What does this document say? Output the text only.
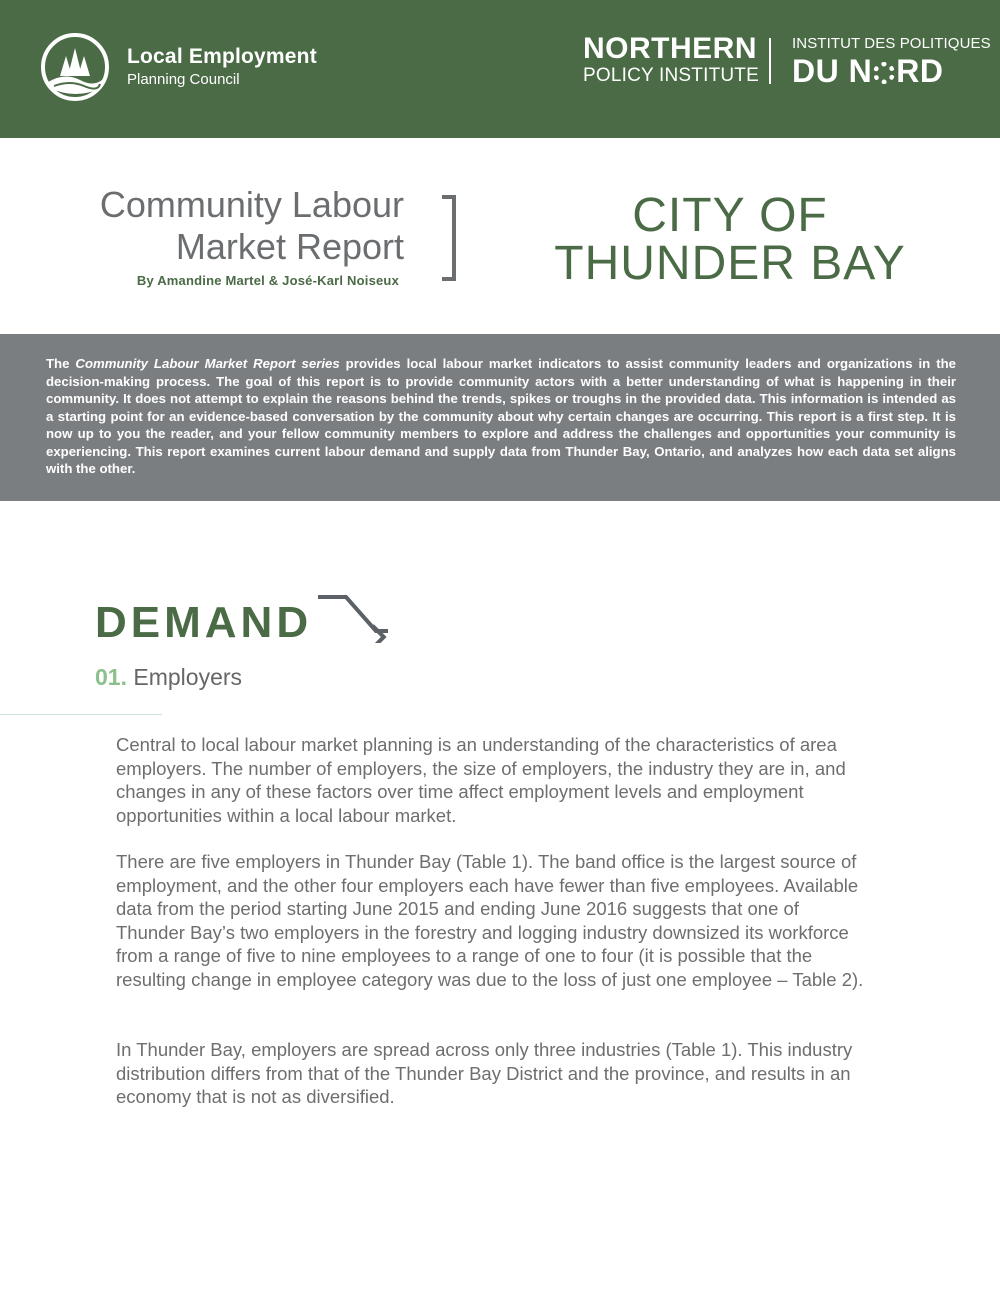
Local Employment
Planning Council
NORTHERN
POLICY INSTITUTE
INSTITUT DES POLITIQUES
DU N RD
Community Labour
Market Report

By Amandine Martel & José-Karl Noiseux

CITY OF
THUNDER BAY

The Community Labour Market Report series provides local labour market indicators to assist community leaders and organizations in the decision-making process. The goal of this report is to provide community actors with a better understanding of what is happening in their community. It does not attempt to explain the reasons behind the trends, spikes or troughs in the provided data. This information is intended as a starting point for an evidence-based conversation by the community about why certain changes are occurring. This report is a first step. It is now up to you the reader, and your fellow community members to explore and address the challenges and opportunities your community is experiencing. This report examines current labour demand and supply data from Thunder Bay, Ontario, and analyzes how each data set aligns with the other.

DEMAND
01. Employers

Central to local labour market planning is an understanding of the characteristics of area employers. The number of employers, the size of employers, the industry they are in, and changes in any of these factors over time affect employment levels and employment opportunities within a local labour market.

There are five employers in Thunder Bay (Table 1). The band office is the largest source of employment, and the other four employers each have fewer than five employees. Available data from the period starting June 2015 and ending June 2016 suggests that one of Thunder Bay’s two employers in the forestry and logging industry downsized its workforce from a range of five to nine employees to a range of one to four (it is possible that the resulting change in employee category was due to the loss of just one employee – Table 2).

In Thunder Bay, employers are spread across only three industries (Table 1). This industry distribution differs from that of the Thunder Bay District and the province, and results in an economy that is not as diversified.
